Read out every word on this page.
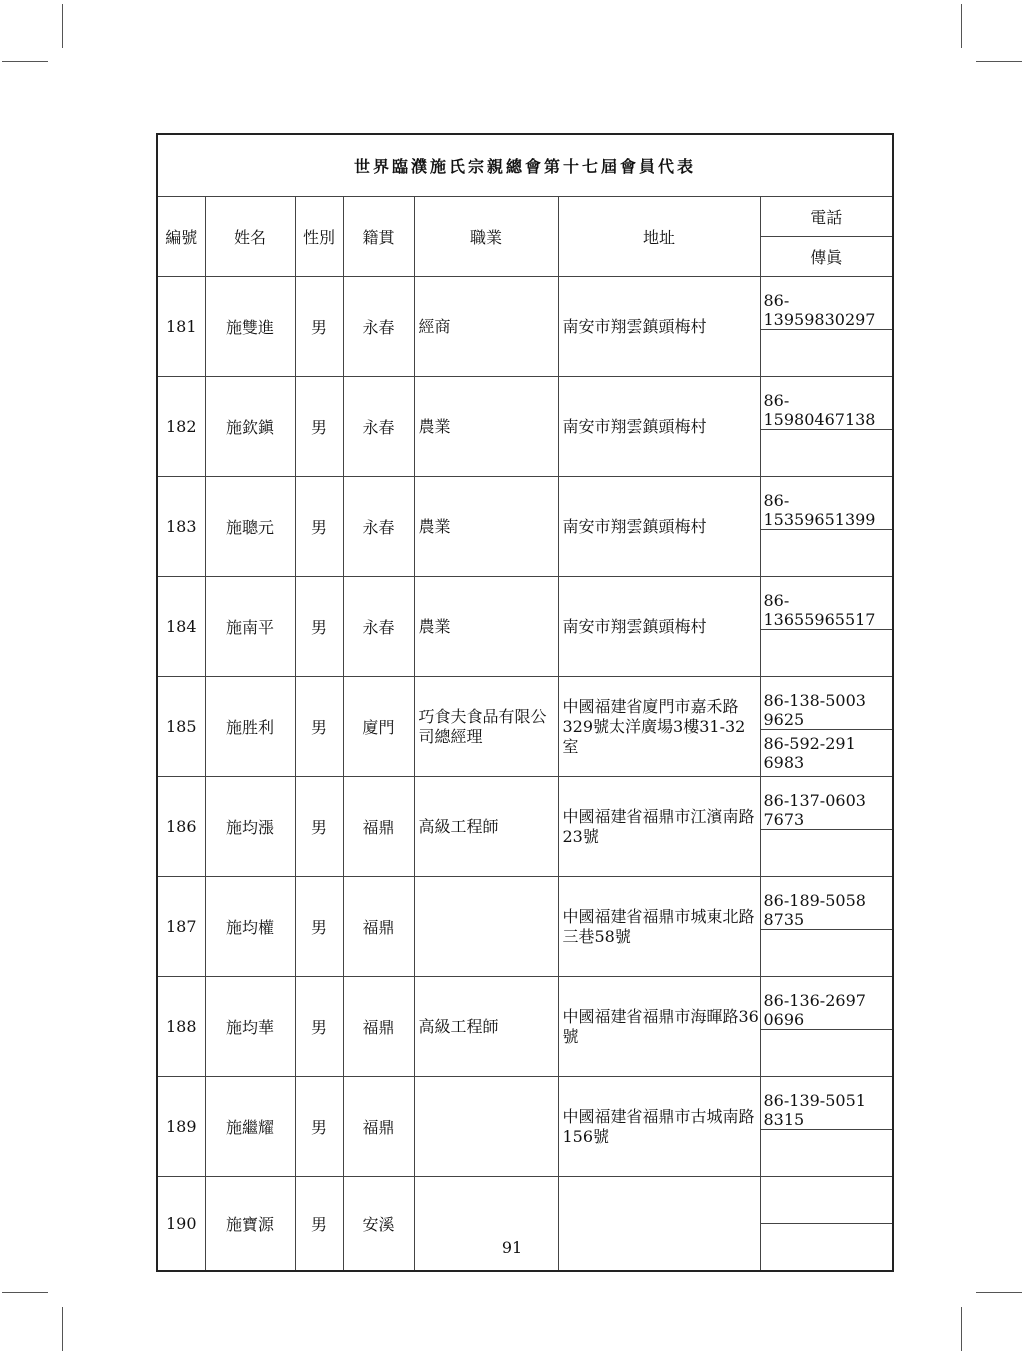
世界臨濮施氏宗親總會第十七屆會員代表						
編號	姓名	性別	籍貫	職業	地址	電話
						傳眞
181	施雙進	男	永春	經商	南安市翔雲鎮頭梅村	86-13959830297

182	施欽鎭	男	永春	農業	南安市翔雲鎮頭梅村	86-15980467138

183	施聰元	男	永春	農業	南安市翔雲鎮頭梅村	86-15359651399

184	施南平	男	永春	農業	南安市翔雲鎮頭梅村	86-13655965517

185	施胜利	男	廈門	巧食夫食品有限公司總經理	中國福建省廈門市嘉禾路329號太洋廣場3樓31-32室	86-138-5003 9625
						86-592-291 6983
186	施均漲	男	福鼎	高級工程師	中國福建省福鼎市江濱南路23號	86-137-0603 7673

187	施均權	男	福鼎		中國福建省福鼎市城東北路三巷58號	86-189-5058 8735

188	施均華	男	福鼎	高級工程師	中國福建省福鼎市海暉路36號	86-136-2697 0696

189	施繼耀	男	福鼎		中國福建省福鼎市古城南路156號	86-139-5051 8315

190	施寶源	男	安溪			

91
